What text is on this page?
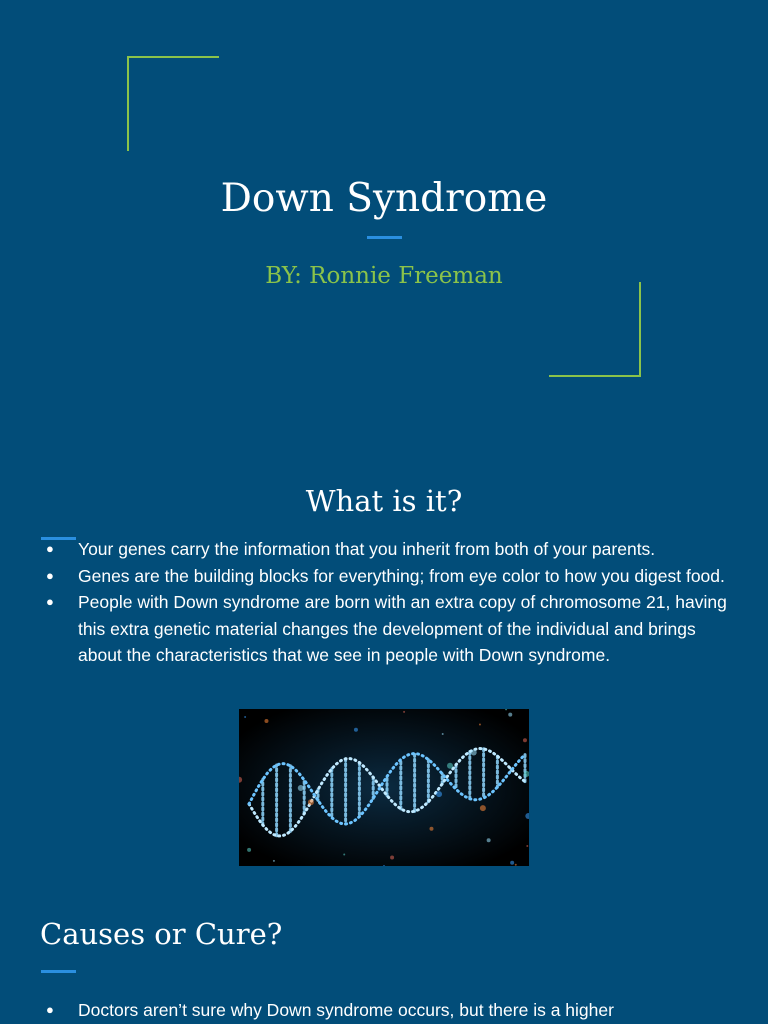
Down Syndrome
BY: Ronnie Freeman
What is it?
● Your genes carry the information that you inherit from both of your parents.
● Genes are the building blocks for everything; from eye color to how you digest food.
● People with Down syndrome are born with an extra copy of chromosome 21, having this extra genetic material changes the development of the individual and brings about the characteristics that we see in people with Down syndrome.
Causes or Cure?
● Doctors aren’t sure why Down syndrome occurs, but there is a higher
